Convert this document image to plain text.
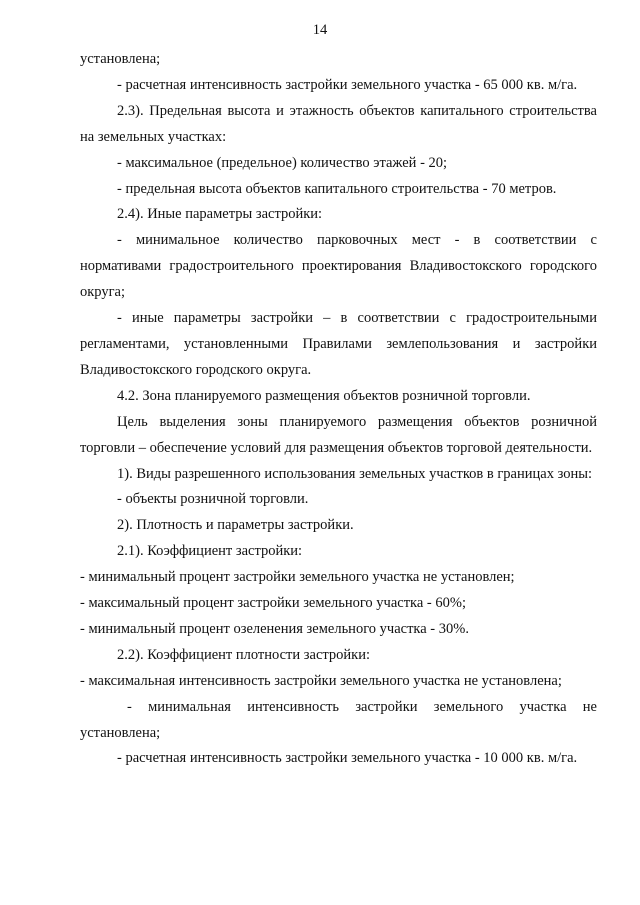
14

установлена;

- расчетная интенсивность застройки земельного участка - 65 000 кв. м/га.

2.3). Предельная высота и этажность объектов капитального строительства на земельных участках:

- максимальное (предельное) количество этажей - 20;

- предельная высота объектов капитального строительства - 70 метров.

2.4). Иные параметры застройки:

- минимальное количество парковочных мест - в соответствии с нормативами градостроительного проектирования Владивостокского городского округа;

- иные параметры застройки – в соответствии с градостроительными регламентами, установленными Правилами землепользования и застройки Владивостокского городского округа.

4.2. Зона планируемого размещения объектов розничной торговли.

Цель выделения зоны планируемого размещения объектов розничной торговли – обеспечение условий для размещения объектов торговой деятельности.

1). Виды разрешенного использования земельных участков в границах зоны:

- объекты розничной торговли.

2). Плотность и параметры застройки.

2.1). Коэффициент застройки:

- минимальный процент застройки земельного участка не установлен;

- максимальный процент застройки земельного участка - 60%;

- минимальный процент озеленения земельного участка - 30%.

2.2). Коэффициент плотности застройки:

- максимальная интенсивность застройки земельного участка не установлена;

- минимальная интенсивность застройки земельного участка не установлена;

- расчетная интенсивность застройки земельного участка - 10 000 кв. м/га.
